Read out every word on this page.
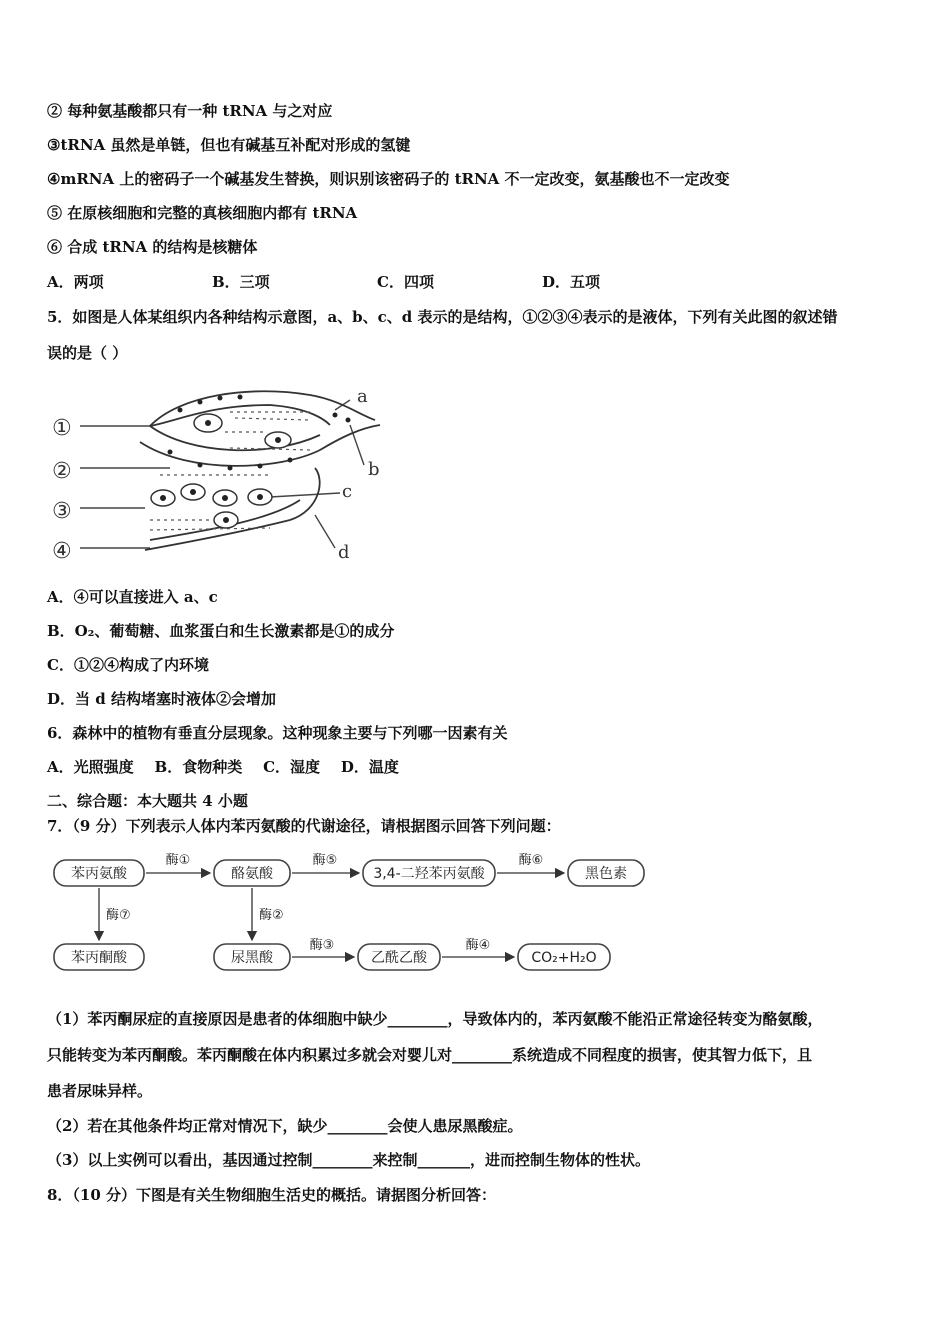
② 每种氨基酸都只有一种 tRNA 与之对应
③tRNA 虽然是单链，但也有碱基互补配对形成的氢键
④mRNA 上的密码子一个碱基发生替换，则识别该密码子的 tRNA 不一定改变，氨基酸也不一定改变
⑤ 在原核细胞和完整的真核细胞内都有 tRNA
⑥ 合成 tRNA 的结构是核糖体
A．两项	B．三项	C．四项	D．五项
5．如图是人体某组织内各种结构示意图，a、b、c、d 表示的是结构，①②③④表示的是液体，下列有关此图的叙述错
误的是（ ）
①
②
③
④
a
b
c
d
A．④可以直接进入 a、c
B．O₂、葡萄糖、血浆蛋白和生长激素都是①的成分
C．①②④构成了内环境
D．当 d 结构堵塞时液体②会增加
6．森林中的植物有垂直分层现象。这种现象主要与下列哪一因素有关
A．光照强度    B．食物种类    C．湿度    D．温度
二、综合题：本大题共 4 小题
7．（9 分）下列表示人体内苯丙氨酸的代谢途径，请根据图示回答下列问题：
苯丙氨酸	酪氨酸	3,4-二羟苯丙氨酸	黑色素
苯丙酮酸	尿黑酸	乙酰乙酸	CO₂+H₂O
酶①	酶⑤	酶⑥
酶⑦	酶②
酶③	酶④
（1）苯丙酮尿症的直接原因是患者的体细胞中缺少________，导致体内的，苯丙氨酸不能沿正常途径转变为酪氨酸，
只能转变为苯丙酮酸。苯丙酮酸在体内积累过多就会对婴儿对________系统造成不同程度的损害，使其智力低下，且
患者尿味异样。
（2）若在其他条件均正常对情况下，缺少________会使人患尿黑酸症。
（3）以上实例可以看出，基因通过控制________来控制_______，进而控制生物体的性状。
8．（10 分）下图是有关生物细胞生活史的概括。请据图分析回答：
